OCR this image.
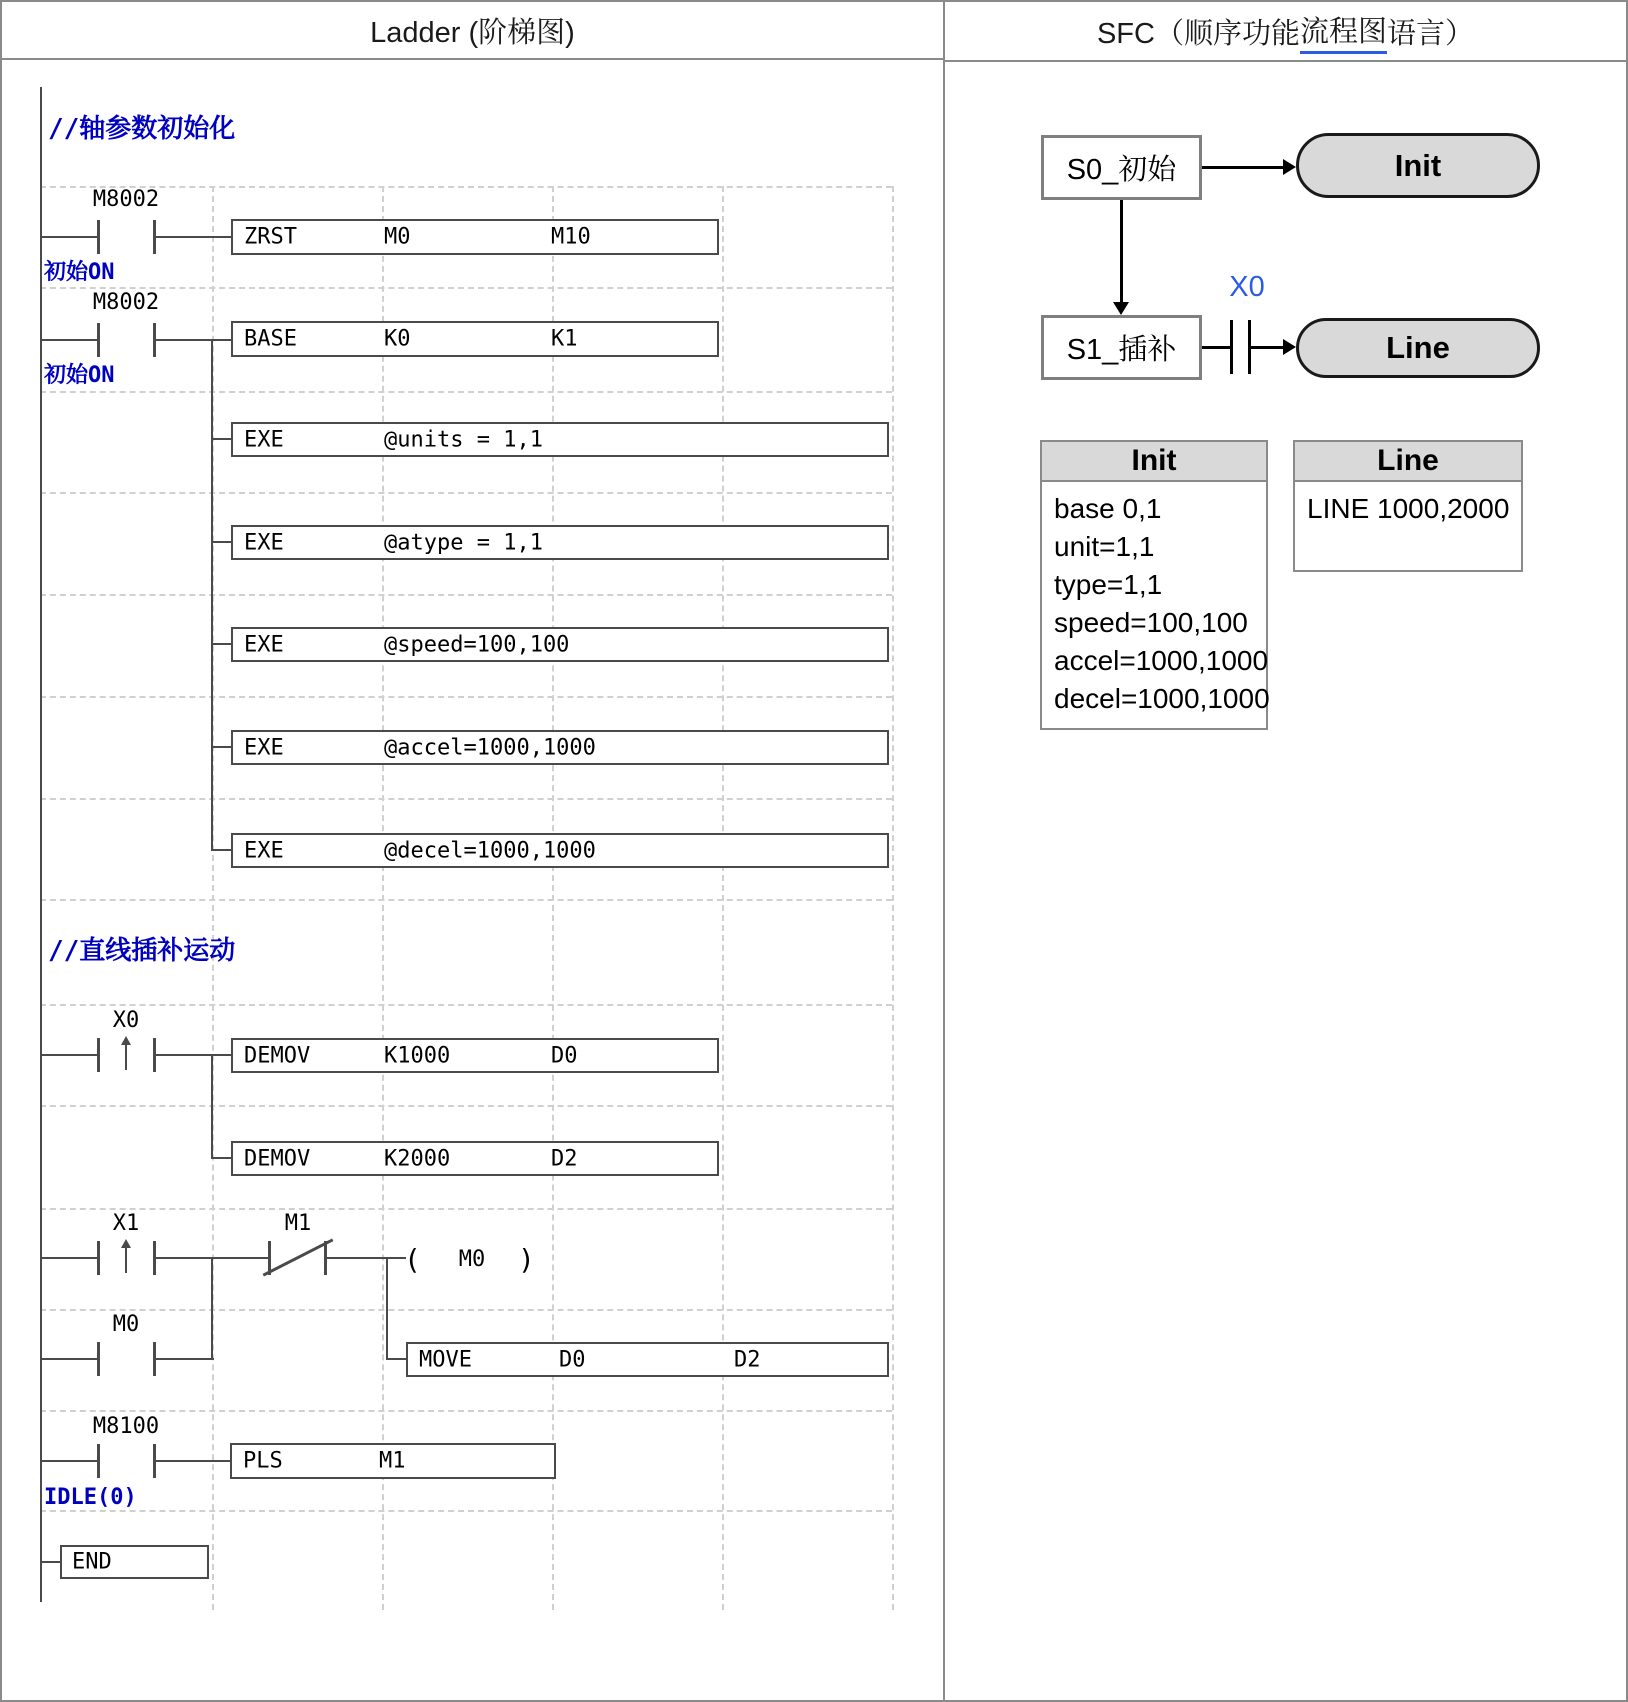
Ladder (阶梯图)	SFC（顺序功能 流程图 语言）
//轴参数初始化
//直线插补运动
M8002
初始ON
ZRST	M0	M10
M8002
初始ON
BASE	K0	K1
EXE	@units = 1,1
EXE	@atype = 1,1
EXE	@speed=100,100
EXE	@accel=1000,1000
EXE	@decel=1000,1000
X0
DEMOV	K1000	D0
DEMOV	K2000	D2
X1	M1
(	M0	)
M0
MOVE	D0	D2
M8100
IDLE(0)
PLS	M1
END
S0_初始	Init
S1_插补
X0
Line
Init
base 0,1
unit=1,1
type=1,1
speed=100,100
accel=1000,1000
decel=1000,1000
Line
LINE 1000,2000
